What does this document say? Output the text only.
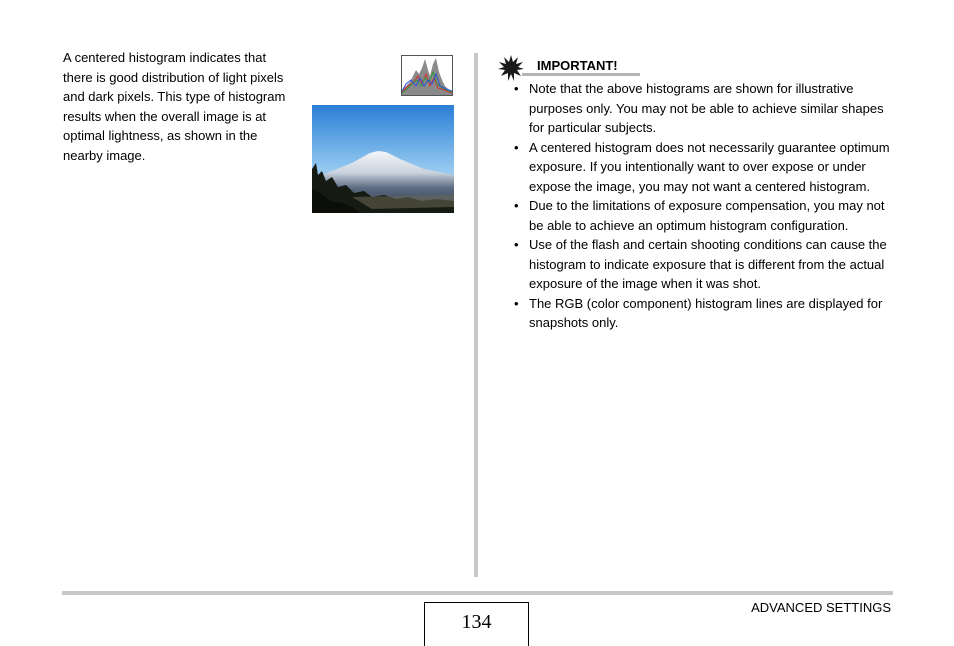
A centered histogram indicates that there is good distribution of light pixels and dark pixels. This type of histogram results when the overall image is at optimal lightness, as shown in the nearby image.

IMPORTANT!
• Note that the above histograms are shown for illustrative purposes only. You may not be able to achieve similar shapes for particular subjects.
• A centered histogram does not necessarily guarantee optimum exposure. If you intentionally want to over expose or under expose the image, you may not want a centered histogram.
• Due to the limitations of exposure compensation, you may not be able to achieve an optimum histogram configuration.
• Use of the flash and certain shooting conditions can cause the histogram to indicate exposure that is different from the actual exposure of the image when it was shot.
• The RGB (color component) histogram lines are displayed for snapshots only.
134
ADVANCED SETTINGS
